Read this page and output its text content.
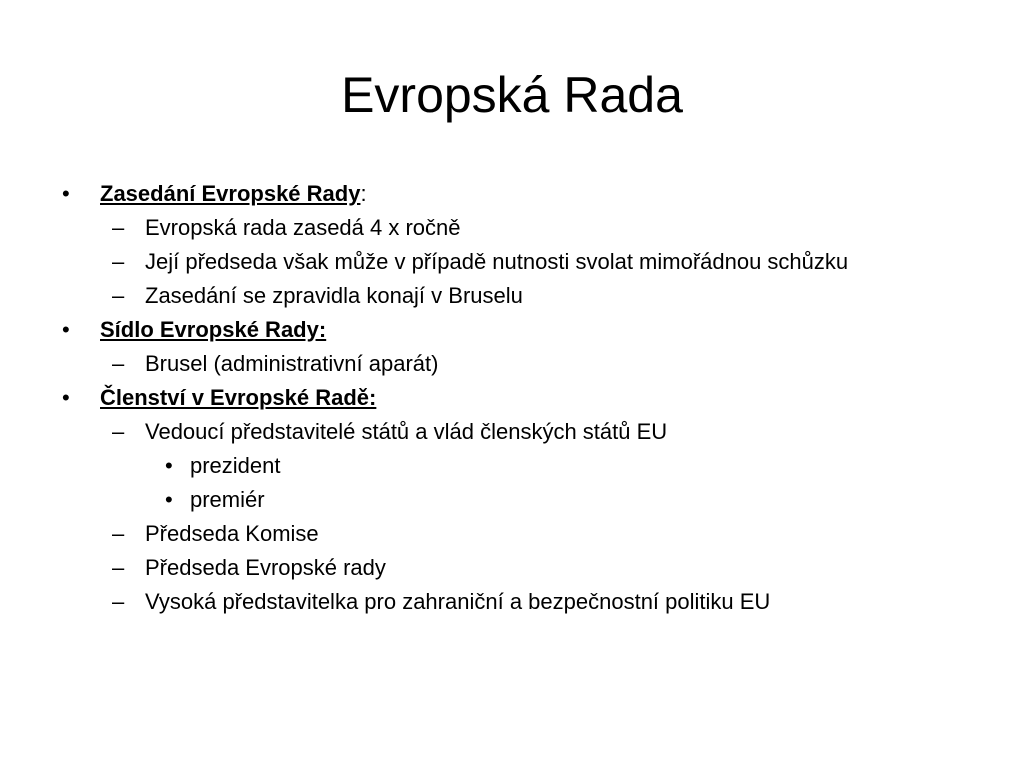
Evropská Rada
• Zasedání Evropské Rady:
– Evropská rada zasedá 4 x ročně
– Její předseda však může v případě nutnosti svolat mimořádnou schůzku
– Zasedání se zpravidla konají v Bruselu
• Sídlo Evropské Rady:
– Brusel (administrativní aparát)
• Členství v Evropské Radě:
– Vedoucí představitelé států a vlád členských států EU
• prezident
• premiér
– Předseda Komise
– Předseda Evropské rady
– Vysoká představitelka pro zahraniční a bezpečnostní politiku EU
